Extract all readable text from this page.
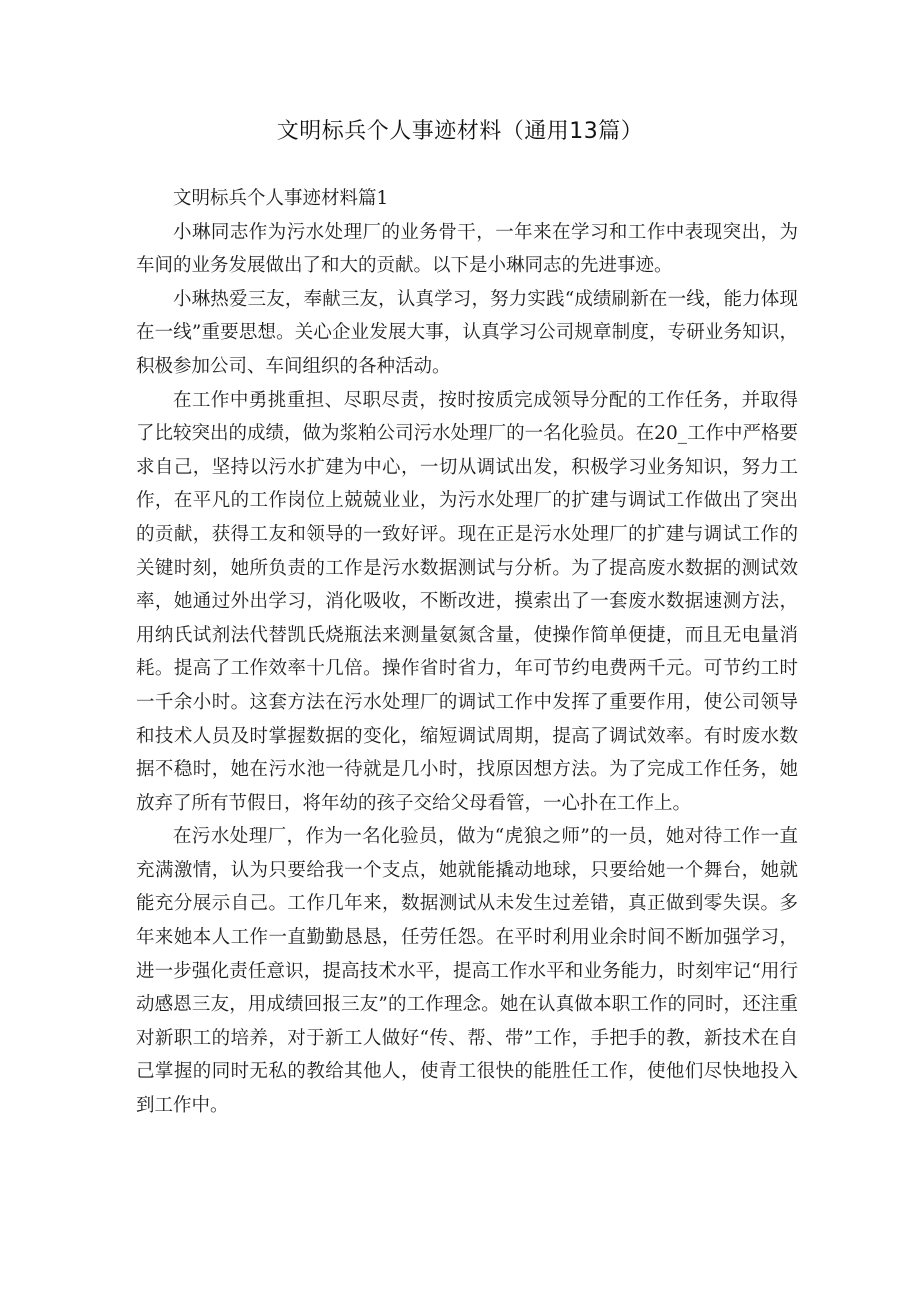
文明标兵个人事迹材料（通用13篇）

文明标兵个人事迹材料篇1

小琳同志作为污水处理厂的业务骨干，一年来在学习和工作中表现突出，为车间的业务发展做出了和大的贡献。以下是小琳同志的先进事迹。

小琳热爱三友，奉献三友，认真学习，努力实践“成绩刷新在一线，能力体现在一线”重要思想。关心企业发展大事，认真学习公司规章制度，专研业务知识，积极参加公司、车间组织的各种活动。

在工作中勇挑重担、尽职尽责，按时按质完成领导分配的工作任务，并取得了比较突出的成绩，做为浆粕公司污水处理厂的一名化验员。在20_工作中严格要求自己，坚持以污水扩建为中心，一切从调试出发，积极学习业务知识，努力工作，在平凡的工作岗位上兢兢业业，为污水处理厂的扩建与调试工作做出了突出的贡献，获得工友和领导的一致好评。现在正是污水处理厂的扩建与调试工作的关键时刻，她所负责的工作是污水数据测试与分析。为了提高废水数据的测试效率，她通过外出学习，消化吸收，不断改进，摸索出了一套废水数据速测方法，用纳氏试剂法代替凯氏烧瓶法来测量氨氮含量，使操作简单便捷，而且无电量消耗。提高了工作效率十几倍。操作省时省力，年可节约电费两千元。可节约工时一千余小时。这套方法在污水处理厂的调试工作中发挥了重要作用，使公司领导和技术人员及时掌握数据的变化，缩短调试周期，提高了调试效率。有时废水数据不稳时，她在污水池一待就是几小时，找原因想方法。为了完成工作任务，她放弃了所有节假日，将年幼的孩子交给父母看管，一心扑在工作上。

在污水处理厂，作为一名化验员，做为“虎狼之师”的一员，她对待工作一直充满激情，认为只要给我一个支点，她就能撬动地球，只要给她一个舞台，她就能充分展示自己。工作几年来，数据测试从未发生过差错，真正做到零失误。多年来她本人工作一直勤勤恳恳，任劳任怨。在平时利用业余时间不断加强学习，进一步强化责任意识，提高技术水平，提高工作水平和业务能力，时刻牢记“用行动感恩三友，用成绩回报三友”的工作理念。她在认真做本职工作的同时，还注重对新职工的培养，对于新工人做好“传、帮、带”工作，手把手的教，新技术在自己掌握的同时无私的教给其他人，使青工很快的能胜任工作，使他们尽快地投入到工作中。
